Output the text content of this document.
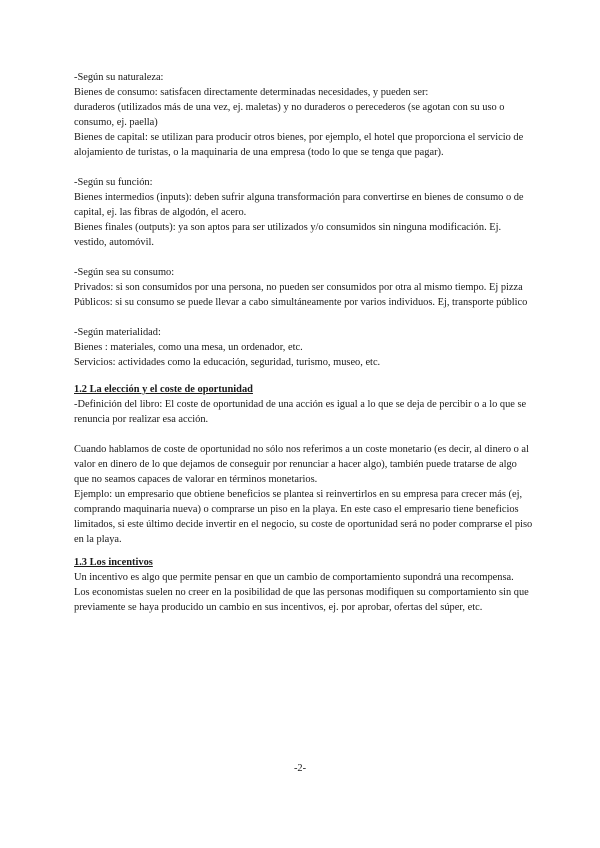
-Según su naturaleza:

Bienes de consumo: satisfacen directamente determinadas necesidades, y pueden ser:

duraderos (utilizados más de una vez, ej. maletas) y no duraderos o perecederos (se agotan con su uso o consumo, ej. paella)

Bienes de capital: se utilizan para producir otros bienes, por ejemplo, el hotel que proporciona el servicio de alojamiento de turistas, o la maquinaria de una empresa (todo lo que se tenga que pagar).

-Según su función:

Bienes intermedios (inputs): deben sufrir alguna transformación para convertirse en bienes de consumo o de capital, ej. las fibras de algodón, el acero.

Bienes finales (outputs): ya son aptos para ser utilizados y/o consumidos sin ninguna modificación. Ej. vestido, automóvil.

-Según sea su consumo:

Privados: si son consumidos por una persona, no pueden ser consumidos por otra al mismo tiempo. Ej pizza

Públicos: si su consumo se puede llevar a cabo simultáneamente por varios individuos. Ej, transporte público

-Según materialidad:

Bienes : materiales, como una mesa, un ordenador, etc.

Servicios: actividades como la educación, seguridad, turismo, museo, etc.

1.2 La elección y el coste de oportunidad

-Definición del libro: El coste de oportunidad de una acción es igual a lo que se deja de percibir o a lo que se renuncia por realizar esa acción.

Cuando hablamos de coste de oportunidad no sólo nos referimos a un coste monetario (es decir, al dinero o al valor en dinero de lo que dejamos de conseguir por renunciar a hacer algo), también puede tratarse de algo que no seamos capaces de valorar en términos monetarios.

Ejemplo: un empresario que obtiene beneficios se plantea si reinvertirlos en su empresa para crecer más (ej, comprando maquinaria nueva) o comprarse un piso en la playa. En este caso el empresario tiene beneficios limitados, si este último decide invertir en el negocio, su coste de oportunidad será no poder comprarse el piso en la playa.

1.3 Los incentivos

Un incentivo es algo que permite pensar en que un cambio de comportamiento supondrá una recompensa.

Los economistas suelen no creer en la posibilidad de que las personas modifiquen su comportamiento sin que previamente se haya producido un cambio en sus incentivos, ej. por aprobar, ofertas del súper, etc.

-2-
